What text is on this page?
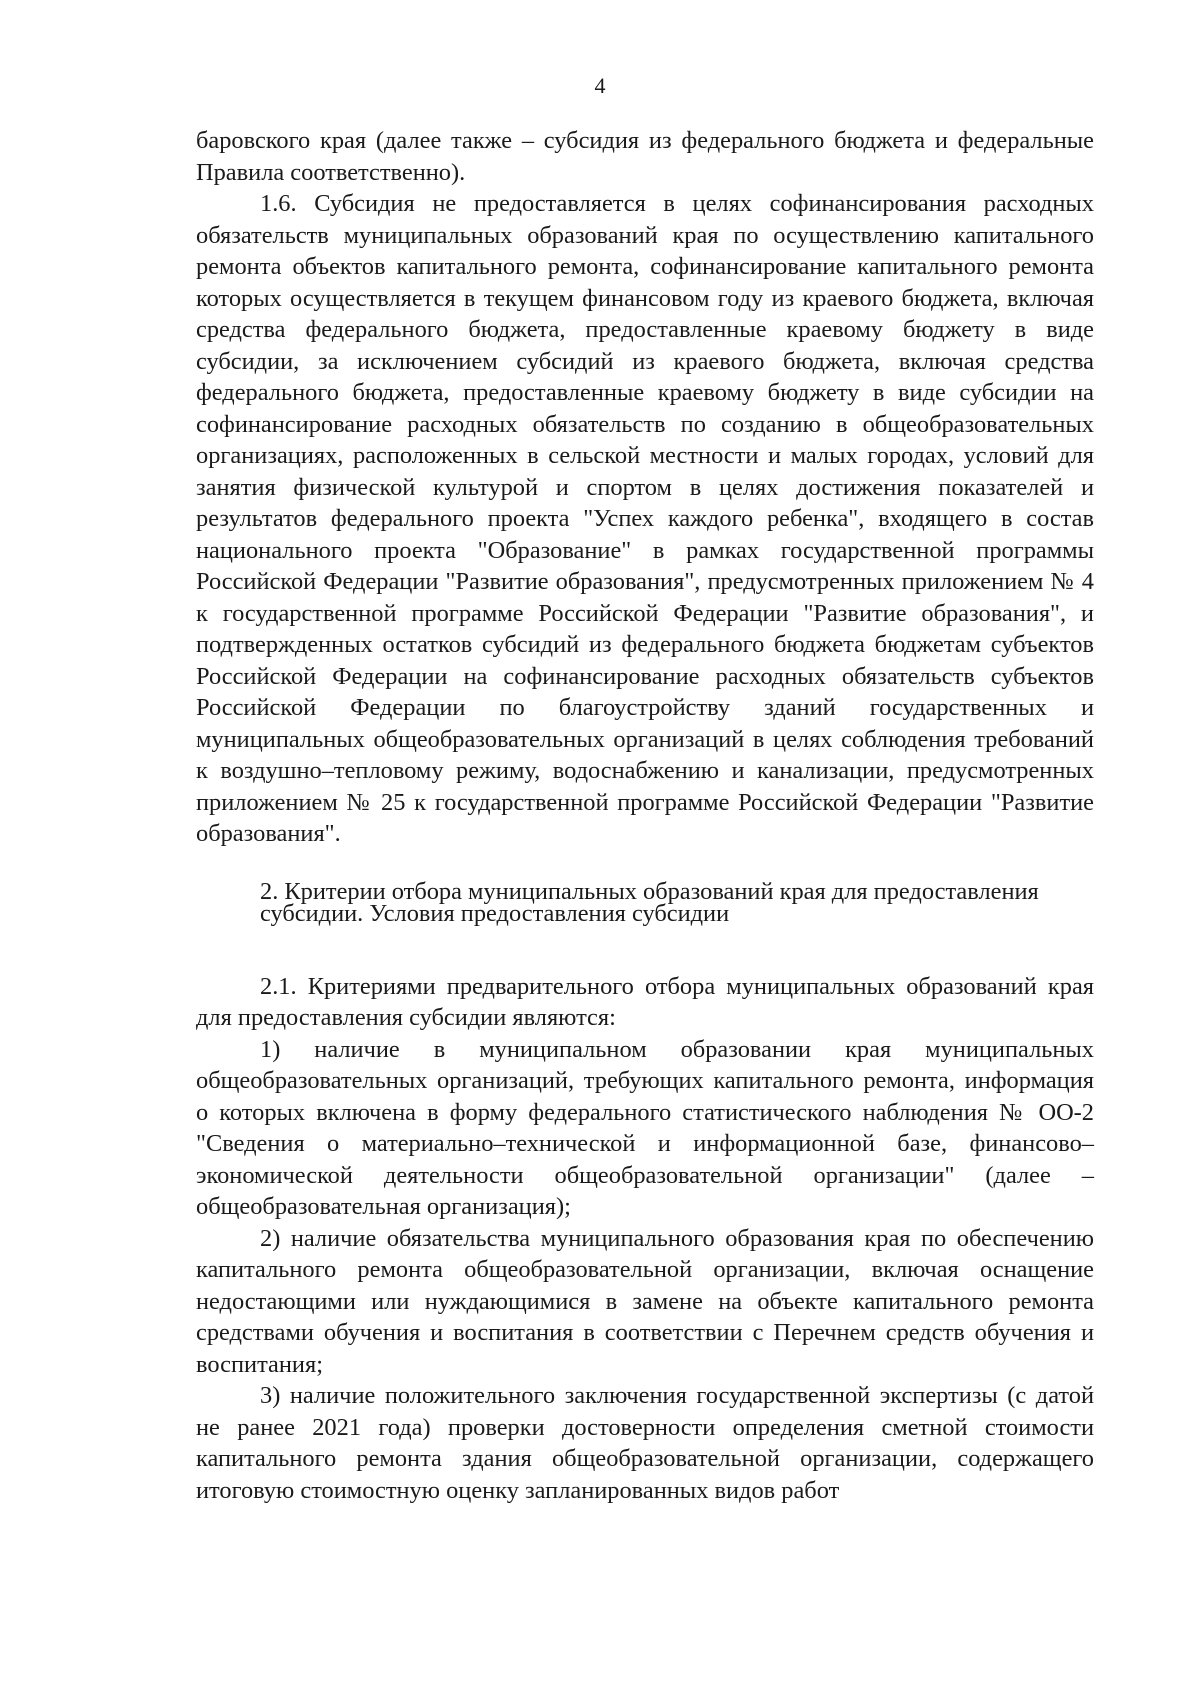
4

баровского края (далее также – субсидия из федерального бюджета и федеральные Правила соответственно).

1.6. Субсидия не предоставляется в целях софинансирования расходных обязательств муниципальных образований края по осуществлению капитального ремонта объектов капитального ремонта, софинансирование капитального ремонта которых осуществляется в текущем финансовом году из краевого бюджета, включая средства федерального бюджета, предоставленные краевому бюджету в виде субсидии, за исключением субсидий из краевого бюджета, включая средства федерального бюджета, предоставленные краевому бюджету в виде субсидии на софинансирование расходных обязательств по созданию в общеобразовательных организациях, расположенных в сельской местности и малых городах, условий для занятия физической культурой и спортом в целях достижения показателей и результатов федерального проекта "Успех каждого ребенка", входящего в состав национального проекта "Образование" в рамках государственной программы Российской Федерации "Развитие образования", предусмотренных приложением № 4 к государственной программе Российской Федерации "Развитие образования", и подтвержденных остатков субсидий из федерального бюджета бюджетам субъектов Российской Федерации на софинансирование расходных обязательств субъектов Российской Федерации по благоустройству зданий государственных и муниципальных общеобразовательных организаций в целях соблюдения требований к воздушно–тепловому режиму, водоснабжению и канализации, предусмотренных приложением № 25 к государственной программе Российской Федерации "Развитие образования".

2. Критерии отбора муниципальных образований края для предоставления субсидии. Условия предоставления субсидии

2.1. Критериями предварительного отбора муниципальных образований края для предоставления субсидии являются:

1) наличие в муниципальном образовании края муниципальных общеобразовательных организаций, требующих капитального ремонта, информация о которых включена в форму федерального статистического наблюдения № ОО-2 "Сведения о материально–технической и информационной базе, финансово–экономической деятельности общеобразовательной организации" (далее – общеобразовательная организация);

2) наличие обязательства муниципального образования края по обеспечению капитального ремонта общеобразовательной организации, включая оснащение недостающими или нуждающимися в замене на объекте капитального ремонта средствами обучения и воспитания в соответствии с Перечнем средств обучения и воспитания;

3) наличие положительного заключения государственной экспертизы (с датой не ранее 2021 года) проверки достоверности определения сметной стоимости капитального ремонта здания общеобразовательной организации, содержащего итоговую стоимостную оценку запланированных видов работ
